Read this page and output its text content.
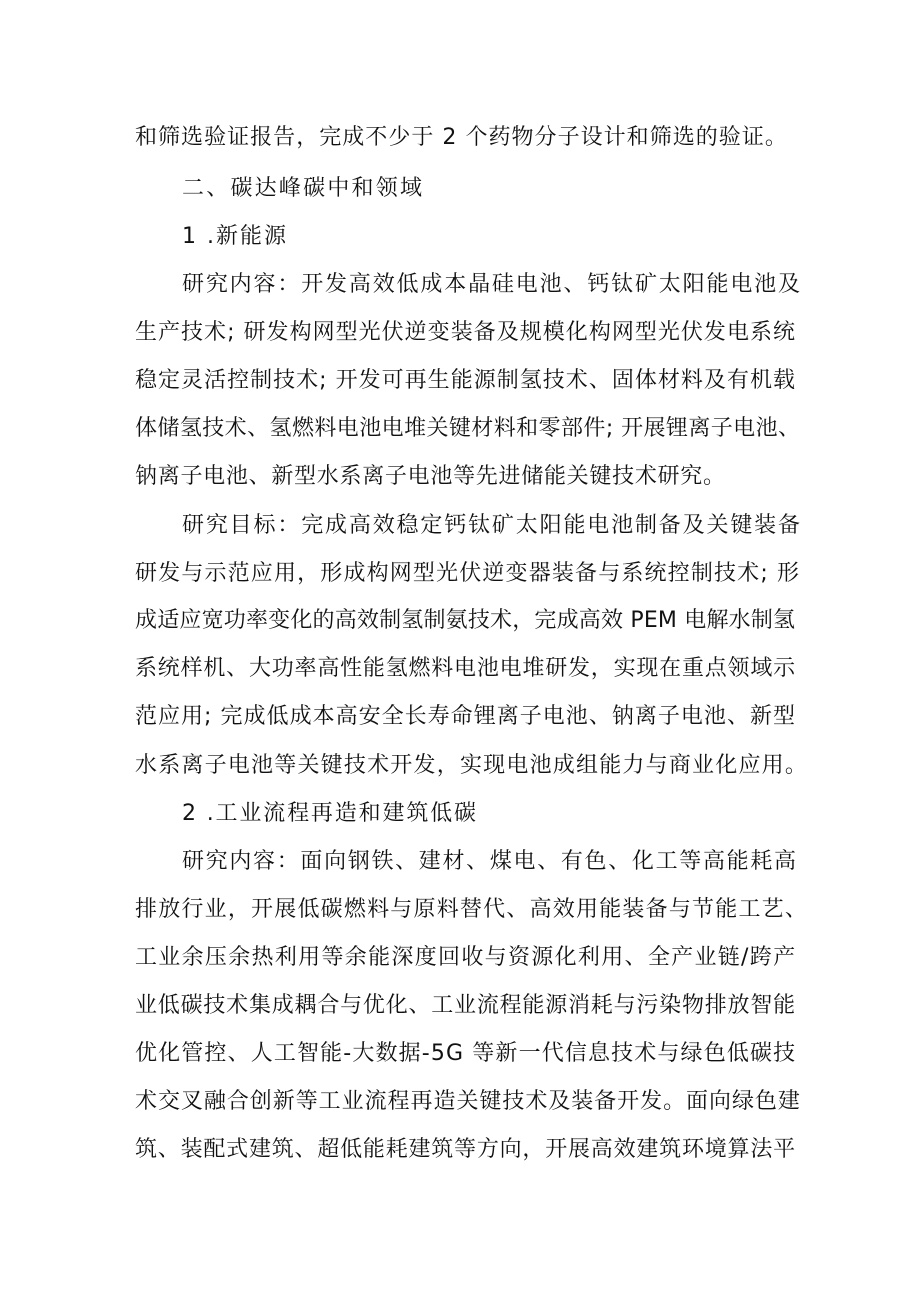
和筛选验证报告，完成不少于 2 个药物分子设计和筛选的验证。
二、碳达峰碳中和领域
1 .新能源
研究内容：开发高效低成本晶硅电池、钙钛矿太阳能电池及
生产技术; 研发构网型光伏逆变装备及规模化构网型光伏发电系统
稳定灵活控制技术; 开发可再生能源制氢技术、固体材料及有机载
体储氢技术、氢燃料电池电堆关键材料和零部件; 开展锂离子电池、
钠离子电池、新型水系离子电池等先进储能关键技术研究。
研究目标：完成高效稳定钙钛矿太阳能电池制备及关键装备
研发与示范应用，形成构网型光伏逆变器装备与系统控制技术; 形
成适应宽功率变化的高效制氢制氨技术，完成高效 PEM 电解水制氢
系统样机、大功率高性能氢燃料电池电堆研发，实现在重点领域示
范应用; 完成低成本高安全长寿命锂离子电池、钠离子电池、新型
水系离子电池等关键技术开发，实现电池成组能力与商业化应用。
2 .工业流程再造和建筑低碳
研究内容：面向钢铁、建材、煤电、有色、化工等高能耗高
排放行业，开展低碳燃料与原料替代、高效用能装备与节能工艺、
工业余压余热利用等余能深度回收与资源化利用、全产业链/跨产
业低碳技术集成耦合与优化、工业流程能源消耗与污染物排放智能
优化管控、人工智能-大数据-5G 等新一代信息技术与绿色低碳技
术交叉融合创新等工业流程再造关键技术及装备开发。面向绿色建
筑、装配式建筑、超低能耗建筑等方向，开展高效建筑环境算法平
